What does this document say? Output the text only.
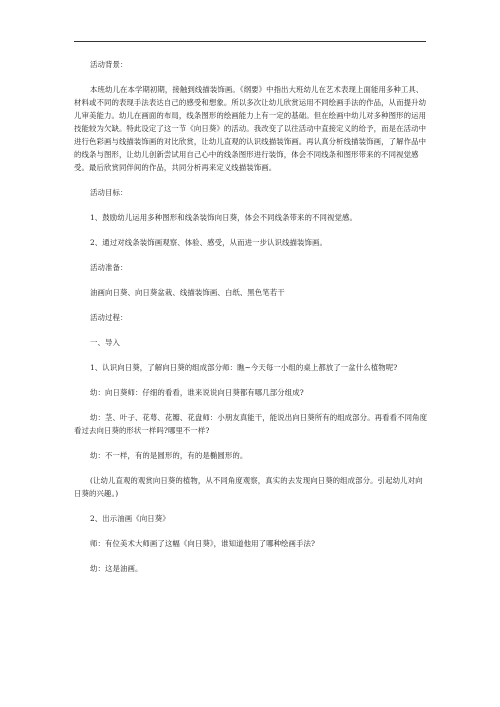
活动背景：

本班幼儿在本学期初期，接触到线描装饰画。《纲要》中指出大班幼儿在艺术表现上面能用多种工具、材料或不同的表现手法表达自己的感受和想象。所以多次让幼儿欣赏运用不同绘画手法的作品，从而提升幼儿审美能力。幼儿在画面的布局，线条图形的绘画能力上有一定的基础。但在绘画中幼儿对多种图形的运用技能较为欠缺。特此设定了这一节《向日葵》的活动。我改变了以往活动中直接定义的给予，而是在活动中进行色彩画与线描装饰画的对比欣赏，让幼儿直观的认识线描装饰画。再认真分析线描装饰画，了解作品中的线条与图形，让幼儿创新尝试用自己心中的线条图形进行装饰，体会不同线条和图形带来的不同视觉感受。最后欣赏同伴间的作品，共同分析再来定义线描装饰画。

活动目标：

1、鼓励幼儿运用多种图形和线条装饰向日葵，体会不同线条带来的不同视觉感。

2、通过对线条装饰画观察、体验、感受，从而进一步认识线描装饰画。

活动准备：

油画向日葵、向日葵盆栽、线描装饰画、白纸、黑色笔若干

活动过程：

一、导入

1、认识向日葵，了解向日葵的组成部分师：瞧~今天每一小组的桌上都放了一盆什么植物呢?

幼：向日葵师：仔细的看看，谁来说说向日葵都有哪几部分组成?

幼：茎、叶子、花萼、花瓣、花盘师：小朋友真能干，能说出向日葵所有的组成部分。再看看不同角度看过去向日葵的形状一样吗?哪里不一样?

幼：不一样，有的是圆形的，有的是椭圆形的。

(让幼儿直观的观赏向日葵的植物，从不同角度观察，真实的去发现向日葵的组成部分。引起幼儿对向日葵的兴趣。)

2、出示油画《向日葵》

师：有位美术大师画了这幅《向日葵》，谁知道他用了哪种绘画手法?

幼：这是油画。
